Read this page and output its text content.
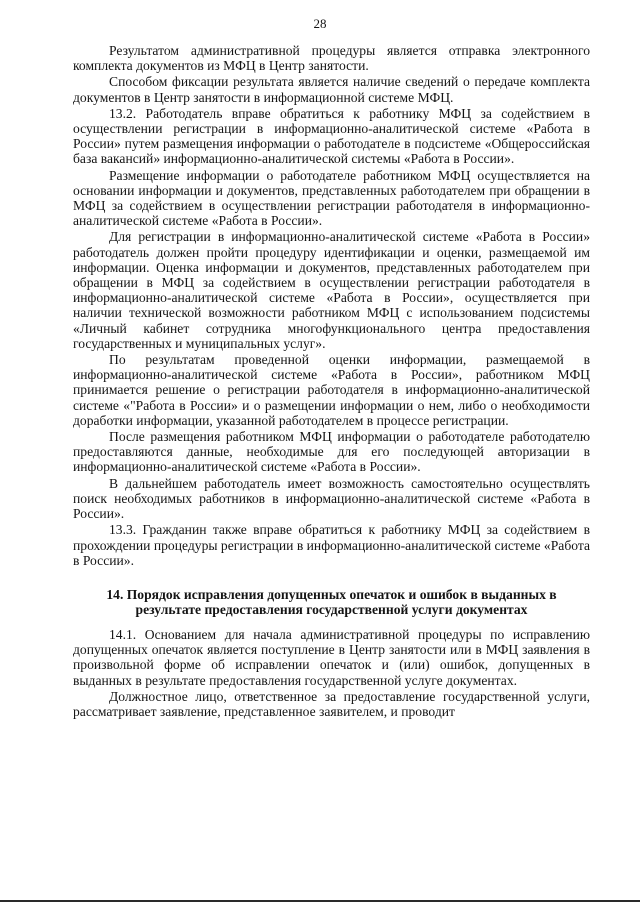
28

Результатом административной процедуры является отправка электронного комплекта документов из МФЦ в Центр занятости.

Способом фиксации результата является наличие сведений о передаче комплекта документов в Центр занятости в информационной системе МФЦ.

13.2. Работодатель вправе обратиться к работнику МФЦ за содействием в осуществлении регистрации в информационно-аналитической системе «Работа в России» путем размещения информации о работодателе в подсистеме «Общероссийская база вакансий» информационно-аналитической системы «Работа в России».

Размещение информации о работодателе работником МФЦ осуществляется на основании информации и документов, представленных работодателем при обращении в МФЦ за содействием в осуществлении регистрации работодателя в информационно-аналитической системе «Работа в России».

Для регистрации в информационно-аналитической системе «Работа в России» работодатель должен пройти процедуру идентификации и оценки, размещаемой им информации. Оценка информации и документов, представленных работодателем при обращении в МФЦ за содействием в осуществлении регистрации работодателя в информационно-аналитической системе «Работа в России», осуществляется при наличии технической возможности работником МФЦ с использованием подсистемы «Личный кабинет сотрудника многофункционального центра предоставления государственных и муниципальных услуг».

По результатам проведенной оценки информации, размещаемой в информационно-аналитической системе «Работа в России», работником МФЦ принимается решение о регистрации работодателя в информационно-аналитической системе «"Работа в России» и о размещении информации о нем, либо о необходимости доработки информации, указанной работодателем в процессе регистрации.

После размещения работником МФЦ информации о работодателе работодателю предоставляются данные, необходимые для его последующей авторизации в информационно-аналитической системе «Работа в России».

В дальнейшем работодатель имеет возможность самостоятельно осуществлять поиск необходимых работников в информационно-аналитической системе «Работа в России».

13.3. Гражданин также вправе обратиться к работнику МФЦ за содействием в прохождении процедуры регистрации в информационно-аналитической системе «Работа в России».

14. Порядок исправления допущенных опечаток и ошибок в выданных в результате предоставления государственной услуги документах

14.1. Основанием для начала административной процедуры по исправлению допущенных опечаток является поступление в Центр занятости или в МФЦ заявления в произвольной форме об исправлении опечаток и (или) ошибок, допущенных в выданных в результате предоставления государственной услуге документах.

Должностное лицо, ответственное за предоставление государственной услуги, рассматривает заявление, представленное заявителем, и проводит
